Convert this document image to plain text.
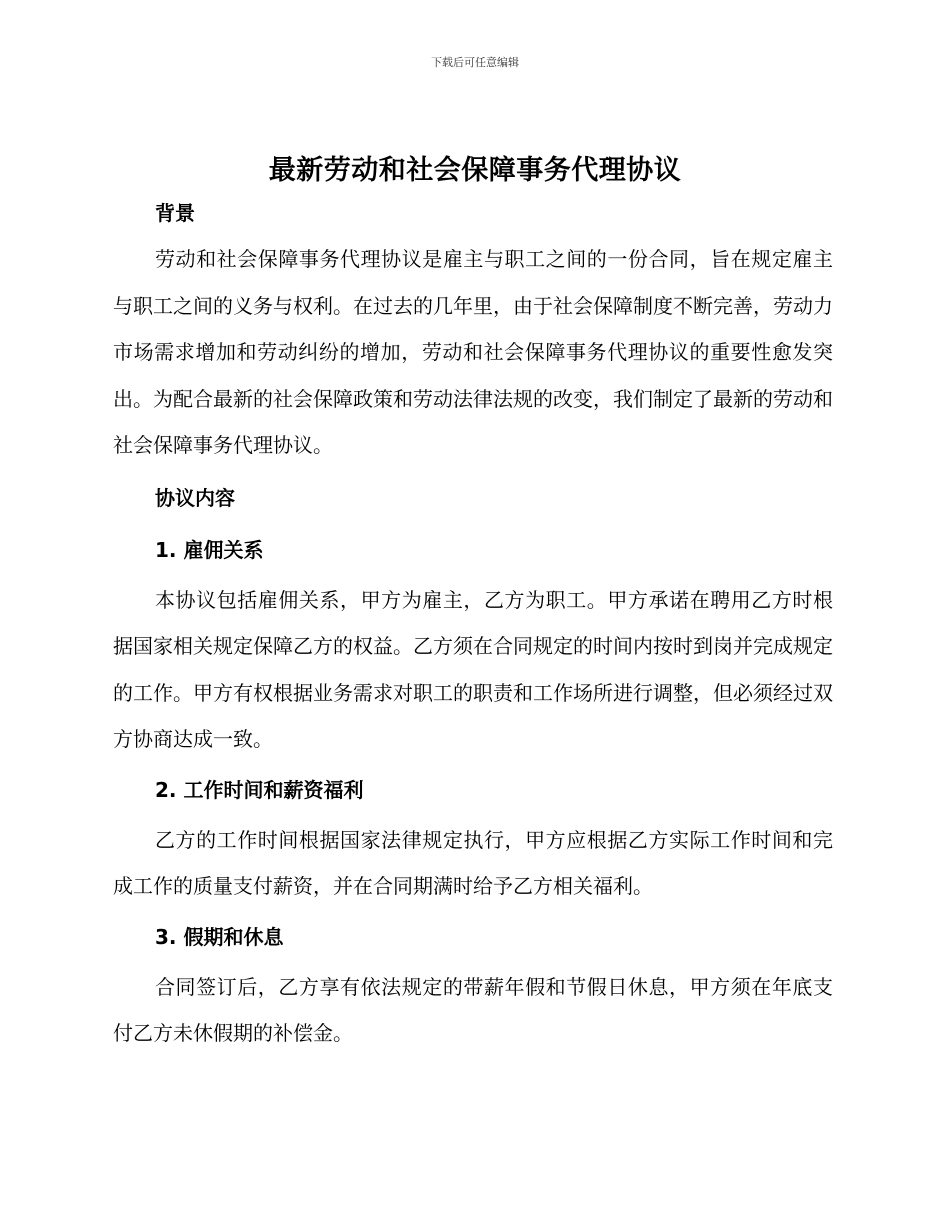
下载后可任意编辑
最新劳动和社会保障事务代理协议

背景

劳动和社会保障事务代理协议是雇主与职工之间的一份合同，旨在规定雇主与职工之间的义务与权利。在过去的几年里，由于社会保障制度不断完善，劳动力市场需求增加和劳动纠纷的增加，劳动和社会保障事务代理协议的重要性愈发突出。为配合最新的社会保障政策和劳动法律法规的改变，我们制定了最新的劳动和社会保障事务代理协议。

协议内容

1. 雇佣关系

本协议包括雇佣关系，甲方为雇主，乙方为职工。甲方承诺在聘用乙方时根据国家相关规定保障乙方的权益。乙方须在合同规定的时间内按时到岗并完成规定的工作。甲方有权根据业务需求对职工的职责和工作场所进行调整，但必须经过双方协商达成一致。

2. 工作时间和薪资福利

乙方的工作时间根据国家法律规定执行，甲方应根据乙方实际工作时间和完成工作的质量支付薪资，并在合同期满时给予乙方相关福利。

3. 假期和休息

合同签订后，乙方享有依法规定的带薪年假和节假日休息，甲方须在年底支付乙方未休假期的补偿金。
